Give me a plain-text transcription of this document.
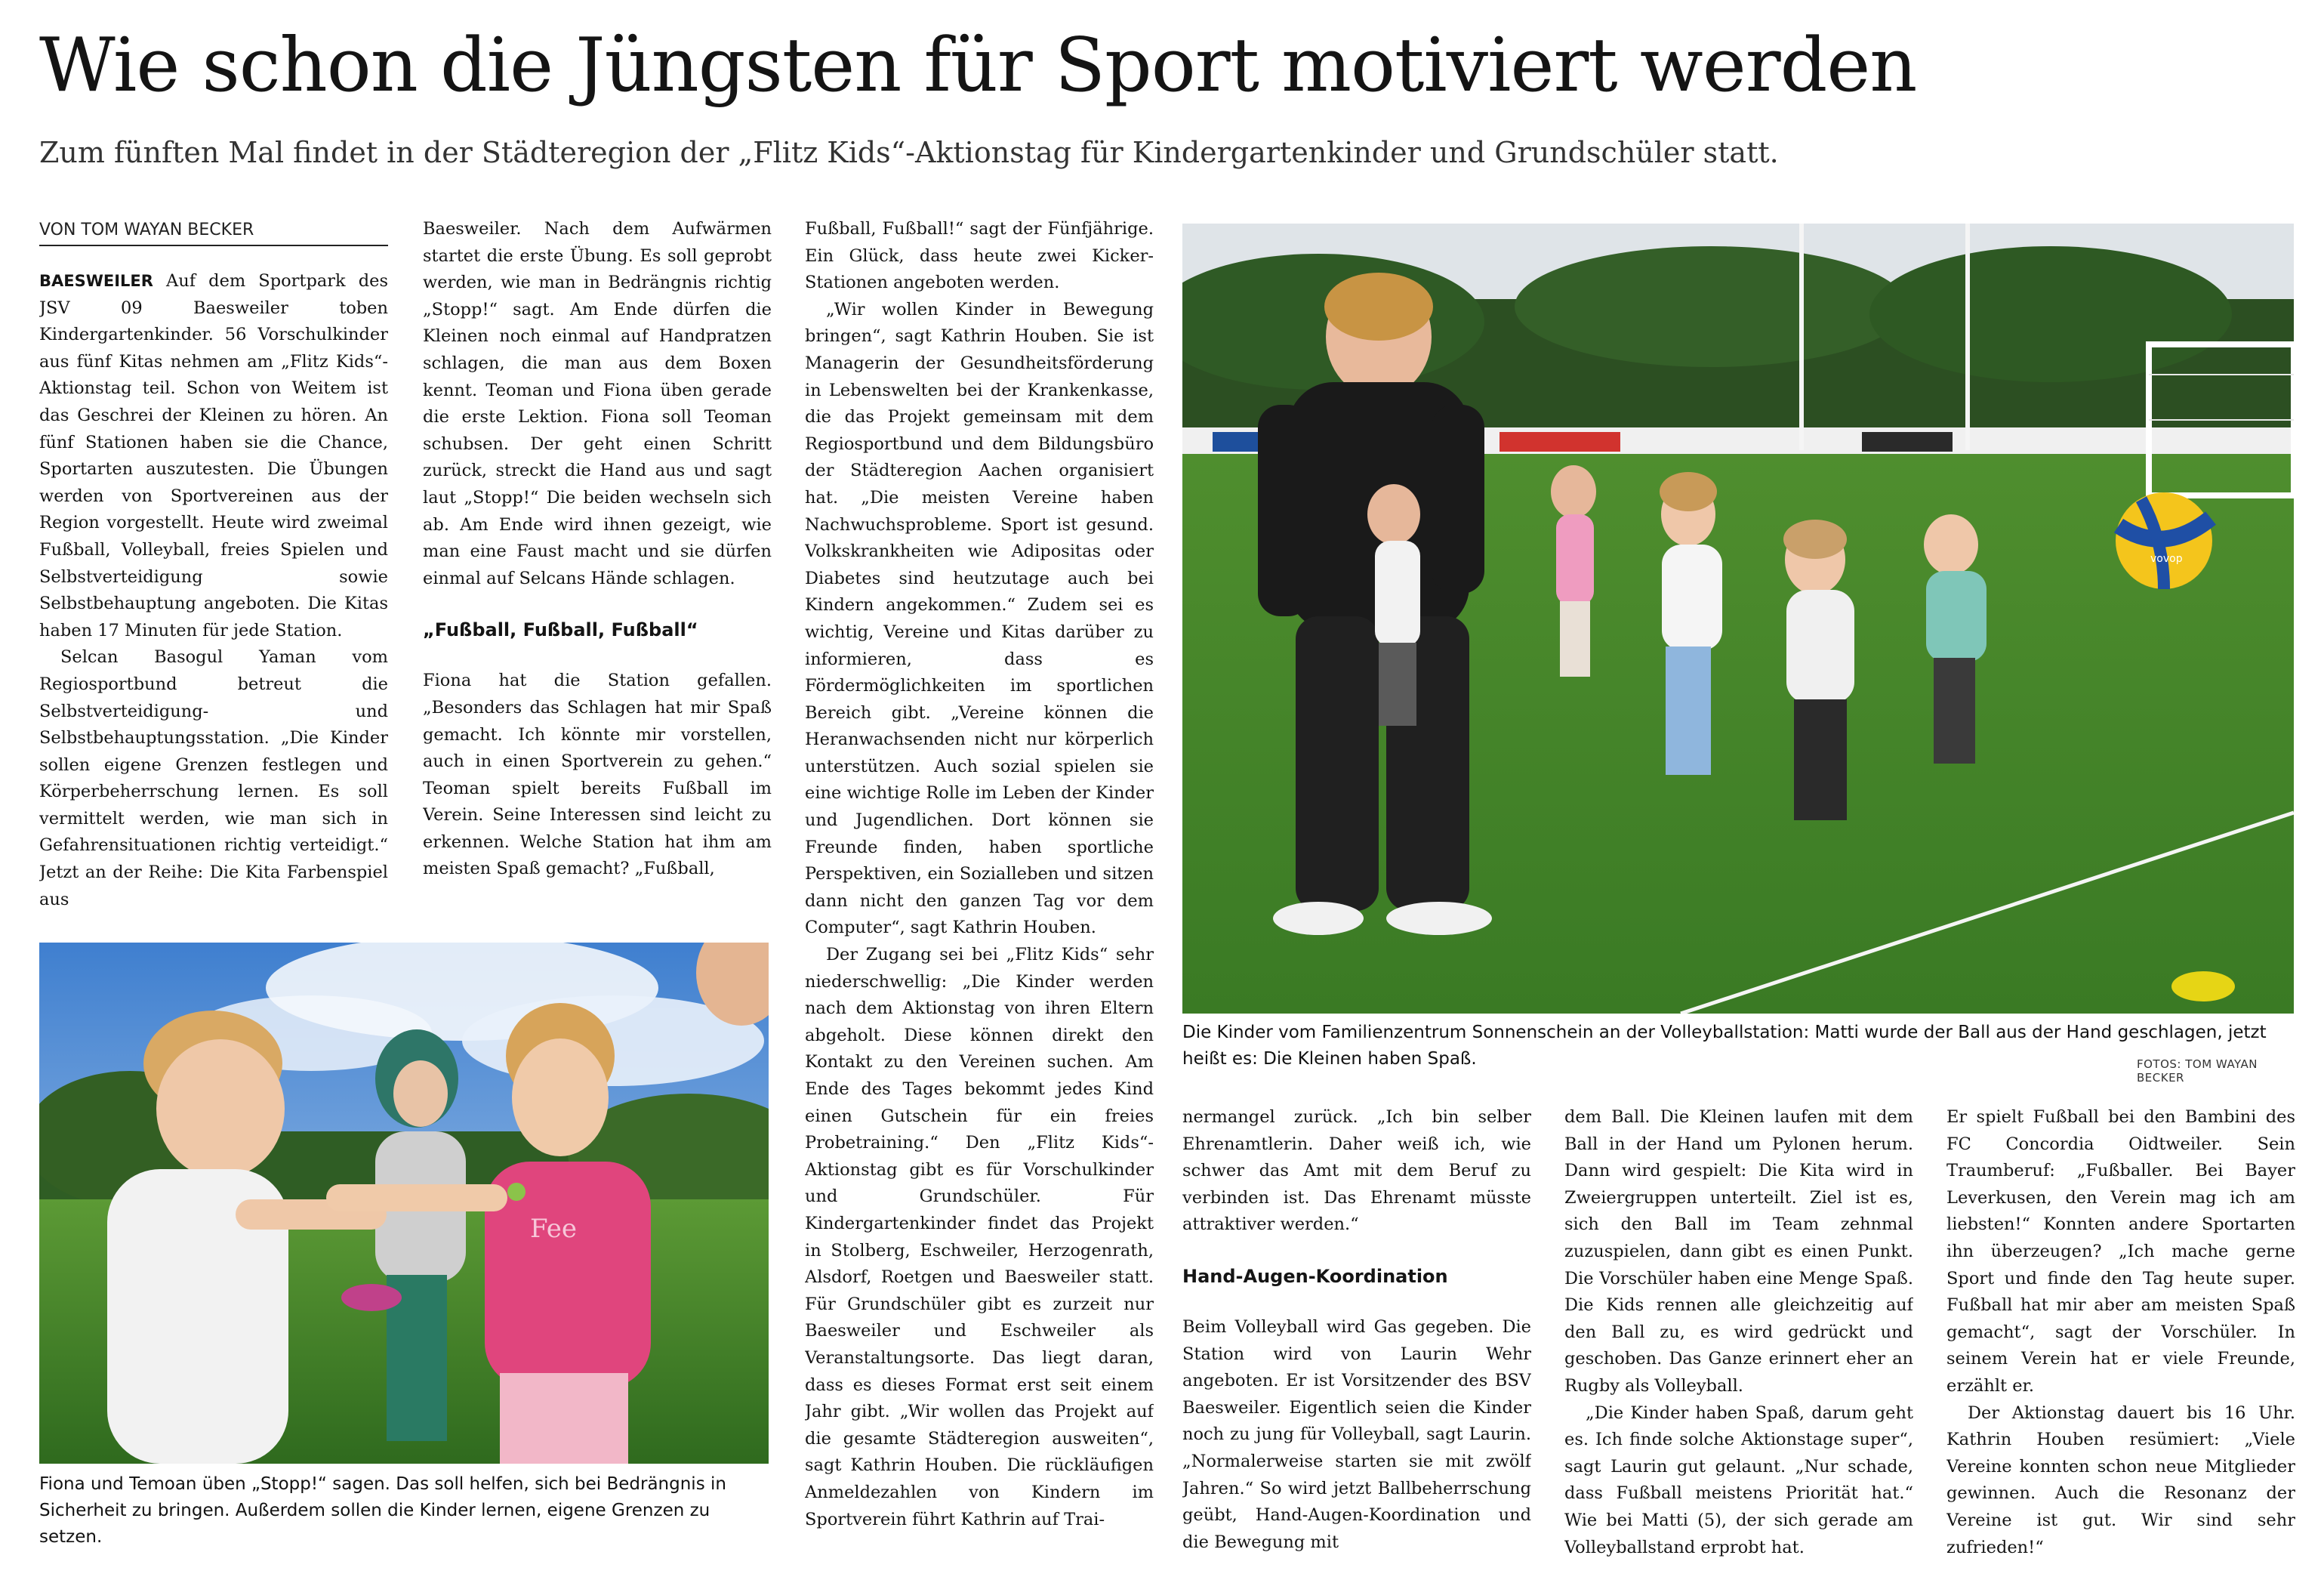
Wie schon die Jüngsten für Sport motiviert werden

Zum fünften Mal findet in der Städteregion der „Flitz Kids“-Aktionstag für Kindergartenkinder und Grundschüler statt.

VON TOM WAYAN BECKER

BAESWEILER Auf dem Sportpark des JSV 09 Baesweiler toben Kindergartenkinder. 56 Vorschulkinder aus fünf Kitas nehmen am „Flitz Kids“-Aktionstag teil. Schon von Weitem ist das Geschrei der Kleinen zu hören. An fünf Stationen haben sie die Chance, Sportarten auszutesten. Die Übungen werden von Sportvereinen aus der Region vorgestellt. Heute wird zweimal Fußball, Volleyball, freies Spielen und Selbstverteidigung sowie Selbstbehauptung angeboten. Die Kitas haben 17 Minuten für jede Station.

Selcan Basogul Yaman vom Regiosportbund betreut die Selbstverteidigung- und Selbstbehauptungsstation. „Die Kinder sollen eigene Grenzen festlegen und Körperbeherrschung lernen. Es soll vermittelt werden, wie man sich in Gefahrensituationen richtig verteidigt.“ Jetzt an der Reihe: Die Kita Farbenspiel aus

Baesweiler. Nach dem Aufwärmen startet die erste Übung. Es soll geprobt werden, wie man in Bedrängnis richtig „Stopp!“ sagt. Am Ende dürfen die Kleinen noch einmal auf Handpratzen schlagen, die man aus dem Boxen kennt. Teoman und Fiona üben gerade die erste Lektion. Fiona soll Teoman schubsen. Der geht einen Schritt zurück, streckt die Hand aus und sagt laut „Stopp!“ Die beiden wechseln sich ab. Am Ende wird ihnen gezeigt, wie man eine Faust macht und sie dürfen einmal auf Selcans Hände schlagen.

„Fußball, Fußball, Fußball“

Fiona hat die Station gefallen. „Besonders das Schlagen hat mir Spaß gemacht. Ich könnte mir vorstellen, auch in einen Sportverein zu gehen.“ Teoman spielt bereits Fußball im Verein. Seine Interessen sind leicht zu erkennen. Welche Station hat ihm am meisten Spaß gemacht? „Fußball,

Fee
Fiona und Temoan üben „Stopp!“ sagen. Das soll helfen, sich bei Bedrängnis in Sicherheit zu bringen. Außerdem sollen die Kinder lernen, eigene Grenzen zu setzen.

Fußball, Fußball!“ sagt der Fünfjährige. Ein Glück, dass heute zwei Kicker-Stationen angeboten werden.

„Wir wollen Kinder in Bewegung bringen“, sagt Kathrin Houben. Sie ist Managerin der Gesundheitsförderung in Lebenswelten bei der Krankenkasse, die das Projekt gemeinsam mit dem Regiosportbund und dem Bildungsbüro der Städteregion Aachen organisiert hat. „Die meisten Vereine haben Nachwuchsprobleme. Sport ist gesund. Volkskrankheiten wie Adipositas oder Diabetes sind heutzutage auch bei Kindern angekommen.“ Zudem sei es wichtig, Vereine und Kitas darüber zu informieren, dass es Fördermöglichkeiten im sportlichen Bereich gibt. „Vereine können die Heranwachsenden nicht nur körperlich unterstützen. Auch sozial spielen sie eine wichtige Rolle im Leben der Kinder und Jugendlichen. Dort können sie Freunde finden, haben sportliche Perspektiven, ein Sozialleben und sitzen dann nicht den ganzen Tag vor dem Computer“, sagt Kathrin Houben.

Der Zugang sei bei „Flitz Kids“ sehr niederschwellig: „Die Kinder werden nach dem Aktionstag von ihren Eltern abgeholt. Diese können direkt den Kontakt zu den Vereinen suchen. Am Ende des Tages bekommt jedes Kind einen Gutschein für ein freies Probetraining.“ Den „Flitz Kids“-Aktionstag gibt es für Vorschulkinder und Grundschüler. Für Kindergartenkinder findet das Projekt in Stolberg, Eschweiler, Herzogenrath, Alsdorf, Roetgen und Baesweiler statt. Für Grundschüler gibt es zurzeit nur Baesweiler und Eschweiler als Veranstaltungsorte. Das liegt daran, dass es dieses Format erst seit einem Jahr gibt. „Wir wollen das Projekt auf die gesamte Städteregion ausweiten“, sagt Kathrin Houben. Die rückläufigen Anmeldezahlen von Kindern im Sportverein führt Kathrin auf Trai-

vovop
Die Kinder vom Familienzentrum Sonnenschein an der Volleyballstation: Matti wurde der Ball aus der Hand geschlagen, jetzt heißt es: Die Kleinen haben Spaß.	FOTOS: TOM WAYAN BECKER

nermangel zurück. „Ich bin selber Ehrenamtlerin. Daher weiß ich, wie schwer das Amt mit dem Beruf zu verbinden ist. Das Ehrenamt müsste attraktiver werden.“

Hand-Augen-Koordination

Beim Volleyball wird Gas gegeben. Die Station wird von Laurin Wehr angeboten. Er ist Vorsitzender des BSV Baesweiler. Eigentlich seien die Kinder noch zu jung für Volleyball, sagt Laurin. „Normalerweise starten sie mit zwölf Jahren.“ So wird jetzt Ballbeherrschung geübt, Hand-Augen-Koordination und die Bewegung mit

dem Ball. Die Kleinen laufen mit dem Ball in der Hand um Pylonen herum. Dann wird gespielt: Die Kita wird in Zweiergruppen unterteilt. Ziel ist es, sich den Ball im Team zehnmal zuzuspielen, dann gibt es einen Punkt. Die Vorschüler haben eine Menge Spaß. Die Kids rennen alle gleichzeitig auf den Ball zu, es wird gedrückt und geschoben. Das Ganze erinnert eher an Rugby als Volleyball.

„Die Kinder haben Spaß, darum geht es. Ich finde solche Aktionstage super“, sagt Laurin gut gelaunt. „Nur schade, dass Fußball meistens Priorität hat.“ Wie bei Matti (5), der sich gerade am Volleyballstand erprobt hat.

Er spielt Fußball bei den Bambini des FC Concordia Oidtweiler. Sein Traumberuf: „Fußballer. Bei Bayer Leverkusen, den Verein mag ich am liebsten!“ Konnten andere Sportarten ihn überzeugen? „Ich mache gerne Sport und finde den Tag heute super. Fußball hat mir aber am meisten Spaß gemacht“, sagt der Vorschüler. In seinem Verein hat er viele Freunde, erzählt er.

Der Aktionstag dauert bis 16 Uhr. Kathrin Houben resümiert: „Viele Vereine konnten schon neue Mitglieder gewinnen. Auch die Resonanz der Vereine ist gut. Wir sind sehr zufrieden!“
